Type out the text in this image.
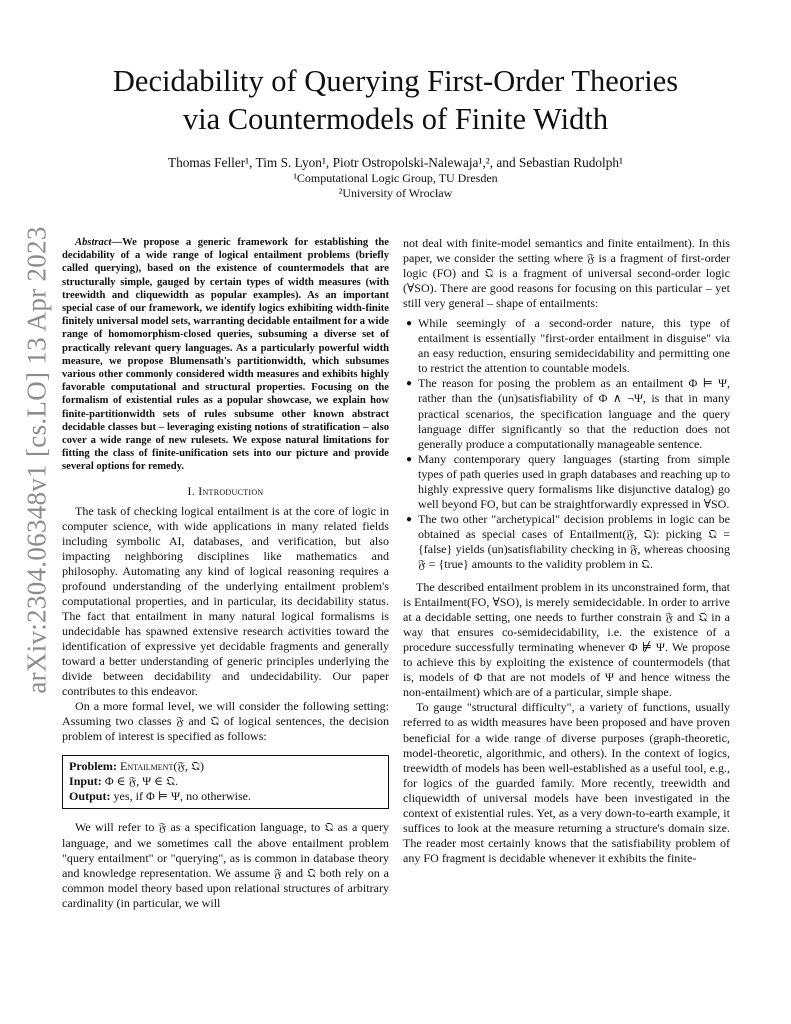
arXiv:2304.06348v1 [cs.LO] 13 Apr 2023
Decidability of Querying First-Order Theories
via Countermodels of Finite Width
Thomas Feller¹, Tim S. Lyon¹, Piotr Ostropolski-Nalewaja¹,², and Sebastian Rudolph¹
¹Computational Logic Group, TU Dresden
²University of Wrocław
Abstract—We propose a generic framework for establishing the decidability of a wide range of logical entailment problems (briefly called querying), based on the existence of countermodels that are structurally simple, gauged by certain types of width measures (with treewidth and cliquewidth as popular examples). As an important special case of our framework, we identify logics exhibiting width-finite finitely universal model sets, warranting decidable entailment for a wide range of homomorphism-closed queries, subsuming a diverse set of practically relevant query languages. As a particularly powerful width measure, we propose Blumensath's partitionwidth, which subsumes various other commonly considered width measures and exhibits highly favorable computational and structural properties. Focusing on the formalism of existential rules as a popular showcase, we explain how finite-partitionwidth sets of rules subsume other known abstract decidable classes but – leveraging existing notions of stratification – also cover a wide range of new rulesets. We expose natural limitations for fitting the class of finite-unification sets into our picture and provide several options for remedy.
I. Introduction

The task of checking logical entailment is at the core of logic in computer science, with wide applications in many related fields including symbolic AI, databases, and verification, but also impacting neighboring disciplines like mathematics and philosophy. Automating any kind of logical reasoning requires a profound understanding of the underlying entailment problem's computational properties, and in particular, its decidability status. The fact that entailment in many natural logical formalisms is undecidable has spawned extensive research activities toward the identification of expressive yet decidable fragments and generally toward a better understanding of generic principles underlying the divide between decidability and undecidability. Our paper contributes to this endeavor.

On a more formal level, we will consider the following setting: Assuming two classes 𝔉 and 𝔔 of logical sentences, the decision problem of interest is specified as follows:

Problem: Entailment(𝔉, 𝔔)
Input: Φ ∈ 𝔉, Ψ ∈ 𝔔.
Output: yes, if Φ ⊨ Ψ, no otherwise.

We will refer to 𝔉 as a specification language, to 𝔔 as a query language, and we sometimes call the above entailment problem "query entailment" or "querying", as is common in database theory and knowledge representation. We assume 𝔉 and 𝔔 both rely on a common model theory based upon relational structures of arbitrary cardinality (in particular, we will

not deal with finite-model semantics and finite entailment). In this paper, we consider the setting where 𝔉 is a fragment of first-order logic (FO) and 𝔔 is a fragment of universal second-order logic (∀SO). There are good reasons for focusing on this particular – yet still very general – shape of entailments:

● While seemingly of a second-order nature, this type of entailment is essentially "first-order entailment in disguise" via an easy reduction, ensuring semidecidability and permitting one to restrict the attention to countable models.
● The reason for posing the problem as an entailment Φ ⊨ Ψ, rather than the (un)satisfiability of Φ ∧ ¬Ψ, is that in many practical scenarios, the specification language and the query language differ significantly so that the reduction does not generally produce a computationally manageable sentence.
● Many contemporary query languages (starting from simple types of path queries used in graph databases and reaching up to highly expressive query formalisms like disjunctive datalog) go well beyond FO, but can be straightforwardly expressed in ∀SO.
● The two other "archetypical" decision problems in logic can be obtained as special cases of Entailment(𝔉, 𝔔): picking 𝔔 = {false} yields (un)satisfiability checking in 𝔉, whereas choosing 𝔉 = {true} amounts to the validity problem in 𝔔.

The described entailment problem in its unconstrained form, that is Entailment(FO, ∀SO), is merely semidecidable. In order to arrive at a decidable setting, one needs to further constrain 𝔉 and 𝔔 in a way that ensures co-semidecidability, i.e. the existence of a procedure successfully terminating whenever Φ ⊭ Ψ. We propose to achieve this by exploiting the existence of countermodels (that is, models of Φ that are not models of Ψ and hence witness the non-entailment) which are of a particular, simple shape.

To gauge "structural difficulty", a variety of functions, usually referred to as width measures have been proposed and have proven beneficial for a wide range of diverse purposes (graph-theoretic, model-theoretic, algorithmic, and others). In the context of logics, treewidth of models has been well-established as a useful tool, e.g., for logics of the guarded family. More recently, treewidth and cliquewidth of universal models have been investigated in the context of existential rules. Yet, as a very down-to-earth example, it suffices to look at the measure returning a structure's domain size. The reader most certainly knows that the satisfiability problem of any FO fragment is decidable whenever it exhibits the finite-
